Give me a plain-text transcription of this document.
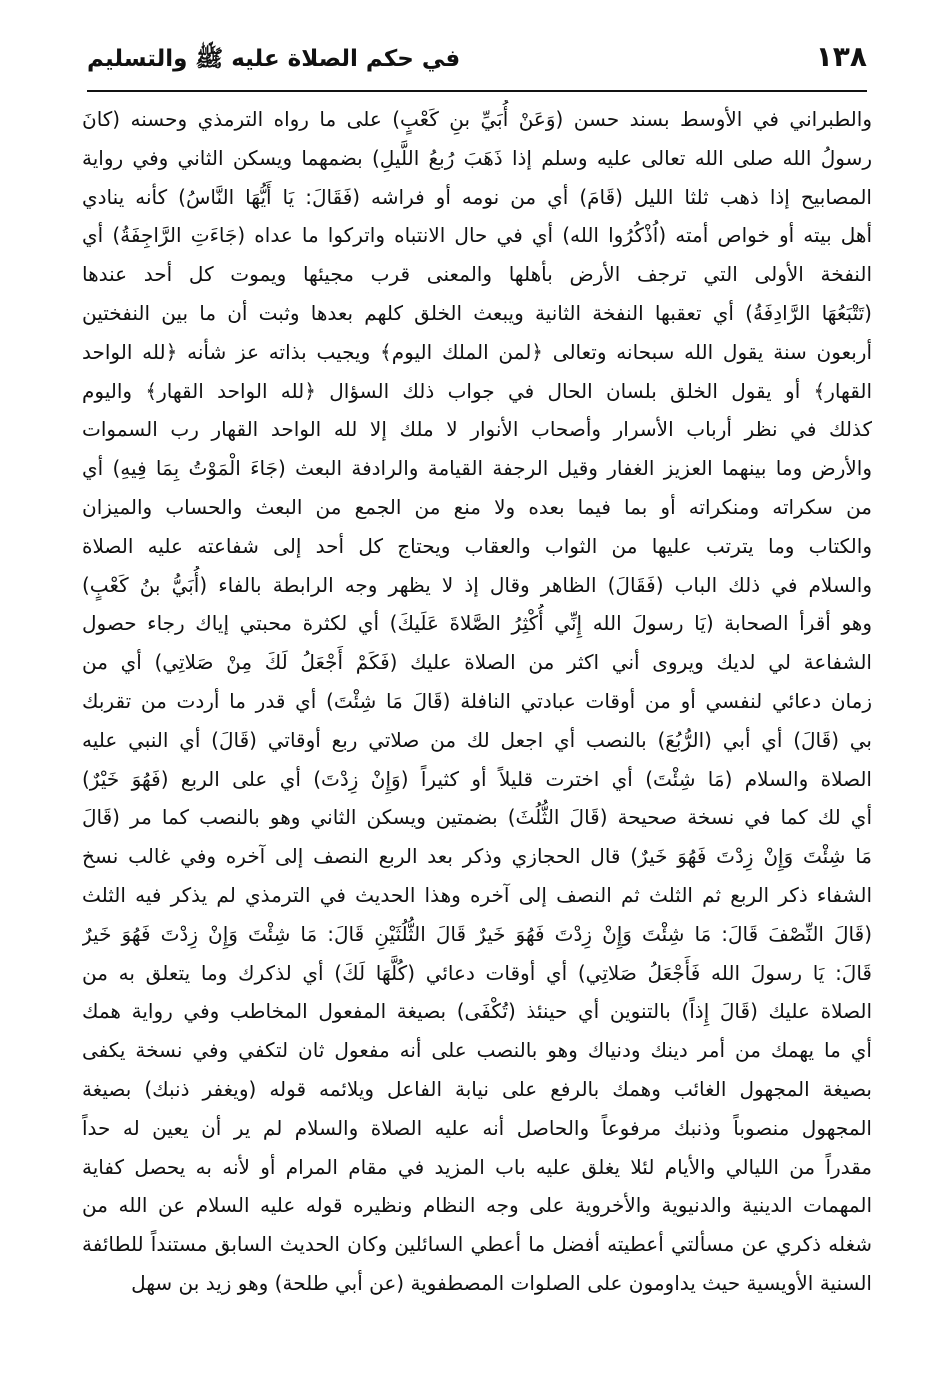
في حكم الصلاة عليه ﷺ والتسليم	١٣٨
والطبراني في الأوسط بسند حسن (وَعَنْ أُبَيِّ بنِ كَعْبٍ) على ما رواه الترمذي وحسنه (كانَ
رسولُ الله صلى الله تعالى عليه وسلم إذا ذَهَبَ رُبعُ اللَّيلِ) بضمهما ويسكن الثاني وفي رواية
المصابيح إذا ذهب ثلثا الليل (قَامَ) أي من نومه أو فراشه (فَقَالَ: يَا أَيُّهَا النَّاسُ) كأنه ينادي
أهل بيته أو خواص أمته (اُذْكُرُوا الله) أي في حال الانتباه واتركوا ما عداه (جَاءَتِ الرَّاجِفَةُ) أي
النفخة الأولى التي ترجف الأرض بأهلها والمعنى قرب مجيئها ويموت كل أحد عندها
(تَتْبَعُهَا الرَّادِفَةُ) أي تعقبها النفخة الثانية ويبعث الخلق كلهم بعدها وثبت أن ما بين النفختين
أربعون سنة يقول الله سبحانه وتعالى ﴿لمن الملك اليوم﴾ ويجيب بذاته عز شأنه ﴿لله الواحد
القهار﴾ أو يقول الخلق بلسان الحال في جواب ذلك السؤال ﴿لله الواحد القهار﴾ واليوم
كذلك في نظر أرباب الأسرار وأصحاب الأنوار لا ملك إلا لله الواحد القهار رب السموات
والأرض وما بينهما العزيز الغفار وقيل الرجفة القيامة والرادفة البعث (جَاءَ الْمَوْتُ بِمَا فِيهِ) أي
من سكراته ومنكراته أو بما فيما بعده ولا منع من الجمع من البعث والحساب والميزان
والكتاب وما يترتب عليها من الثواب والعقاب ويحتاج كل أحد إلى شفاعته عليه الصلاة
والسلام في ذلك الباب (فَقَالَ) الظاهر وقال إذ لا يظهر وجه الرابطة بالفاء (أُبَيُّ بنُ كَعْبٍ)
وهو أقرأ الصحابة (يَا رسولَ الله إِنِّي أُكْثِرُ الصَّلاةَ عَلَيكَ) أي لكثرة محبتي إياك رجاء حصول
الشفاعة لي لديك ويروى أني اكثر من الصلاة عليك (فَكَمْ أَجْعَلُ لَكَ مِنْ صَلاتِي) أي من
زمان دعائي لنفسي أو من أوقات عبادتي النافلة (قَالَ مَا شِئْتَ) أي قدر ما أردت من تقربك
بي (قَالَ) أي أبي (الرُّبُعَ) بالنصب أي اجعل لك من صلاتي ربع أوقاتي (قَالَ) أي النبي عليه
الصلاة والسلام (مَا شِئْتَ) أي اخترت قليلاً أو كثيراً (وَإِنْ زِدْتَ) أي على الربع (فَهُوَ خَيْرٌ)
أي لك كما في نسخة صحيحة (قَالَ الثُّلُثَ) بضمتين ويسكن الثاني وهو بالنصب كما مر (قَالَ
مَا شِئْتَ وَإِنْ زِدْتَ فَهُوَ خَيرٌ) قال الحجازي وذكر بعد الربع النصف إلى آخره وفي غالب نسخ
الشفاء ذكر الربع ثم الثلث ثم النصف إلى آخره وهذا الحديث في الترمذي لم يذكر فيه الثلث
(قَالَ النِّصْفَ قَالَ: مَا شِئْتَ وَإِنْ زِدْتَ فَهُوَ خَيرٌ قَالَ الثُّلُثَيْنِ قَالَ: مَا شِئْتَ وَإِنْ زِدْتَ فَهُوَ خَيرٌ
قَالَ: يَا رسولَ الله فَأَجْعَلُ صَلاتِي) أي أوقات دعائي (كُلَّهَا لَكَ) أي لذكرك وما يتعلق به من
الصلاة عليك (قَالَ إِذاً) بالتنوين أي حينئذ (تُكْفَى) بصيغة المفعول المخاطب وفي رواية همك
أي ما يهمك من أمر دينك ودنياك وهو بالنصب على أنه مفعول ثان لتكفي وفي نسخة يكفى
بصيغة المجهول الغائب وهمك بالرفع على نيابة الفاعل ويلائمه قوله (ويغفر ذنبك) بصيغة
المجهول منصوباً وذنبك مرفوعاً والحاصل أنه عليه الصلاة والسلام لم ير أن يعين له حداً
مقدراً من الليالي والأيام لئلا يغلق عليه باب المزيد في مقام المرام أو لأنه به يحصل كفاية
المهمات الدينية والدنيوية والأخروية على وجه النظام ونظيره قوله عليه السلام عن الله من
شغله ذكري عن مسألتي أعطيته أفضل ما أعطي السائلين وكان الحديث السابق مستنداً للطائفة
السنية الأويسية حيث يداومون على الصلوات المصطفوية (عن أبي طلحة) وهو زيد بن سهل
